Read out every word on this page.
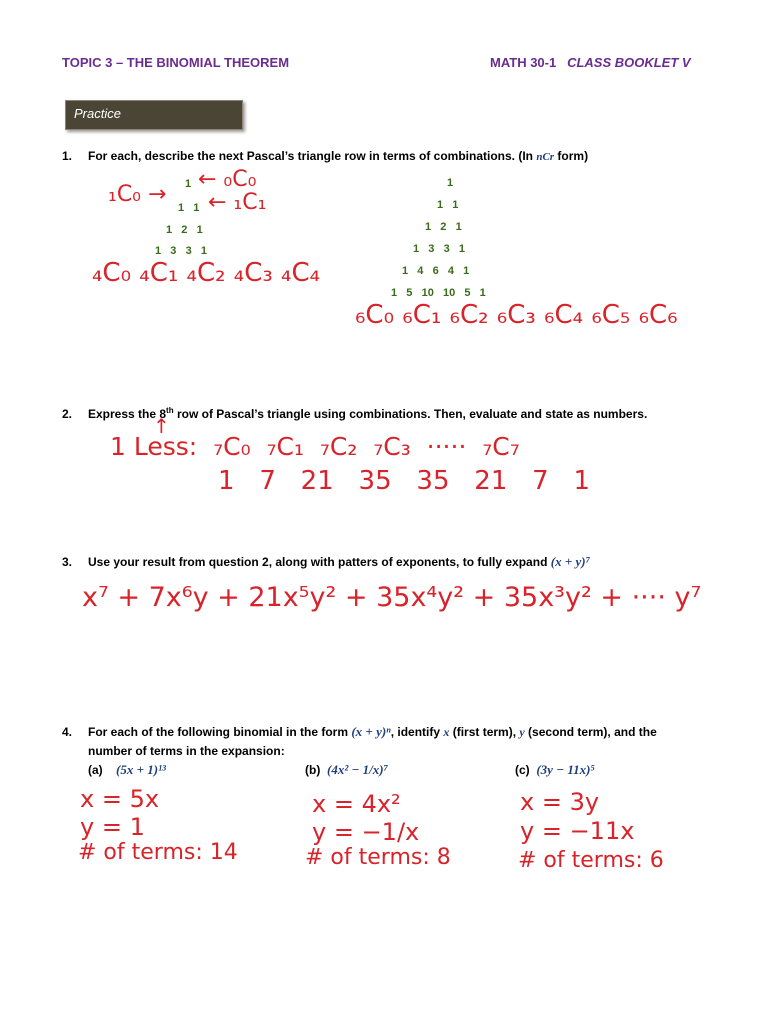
TOPIC 3 – THE BINOMIAL THEOREM	MATH 30-1 CLASS BOOKLET V
Practice
1. For each, describe the next Pascal’s triangle row in terms of combinations. (In nCr form)
1
1   1
1   2   1
1   3   3   1
₁C₀ →
← ₀C₀
← ₁C₁
₄C₀ ₄C₁ ₄C₂ ₄C₃ ₄C₄
1
1   1
1   2   1
1   3   3   1
1   4   6   4   1
1   5   10   10   5   1
₆C₀ ₆C₁ ₆C₂ ₆C₃ ₆C₄ ₆C₅ ₆C₆
2. Express the 8th row of Pascal’s triangle using combinations. Then, evaluate and state as numbers.
↑
1 Less:  ₇C₀  ₇C₁  ₇C₂  ₇C₃  ·····  ₇C₇
1   7   21   35   35   21   7   1
3. Use your result from question 2, along with patters of exponents, to fully expand (x + y)⁷
x⁷ + 7x⁶y + 21x⁵y² + 35x⁴y² + 35x³y² + ···· y⁷
4. For each of the following binomial in the form (x + y)ⁿ, identify x (first term), y (second term), and the
number of terms in the expansion:
(a) (5x + 1)¹³	(b) (4x² − 1/x)⁷	(c) (3y − 11x)⁵
x = 5x
y = 1
# of terms: 14
x = 4x²
y = −1/x
# of terms: 8
x = 3y
y = −11x
# of terms: 6
